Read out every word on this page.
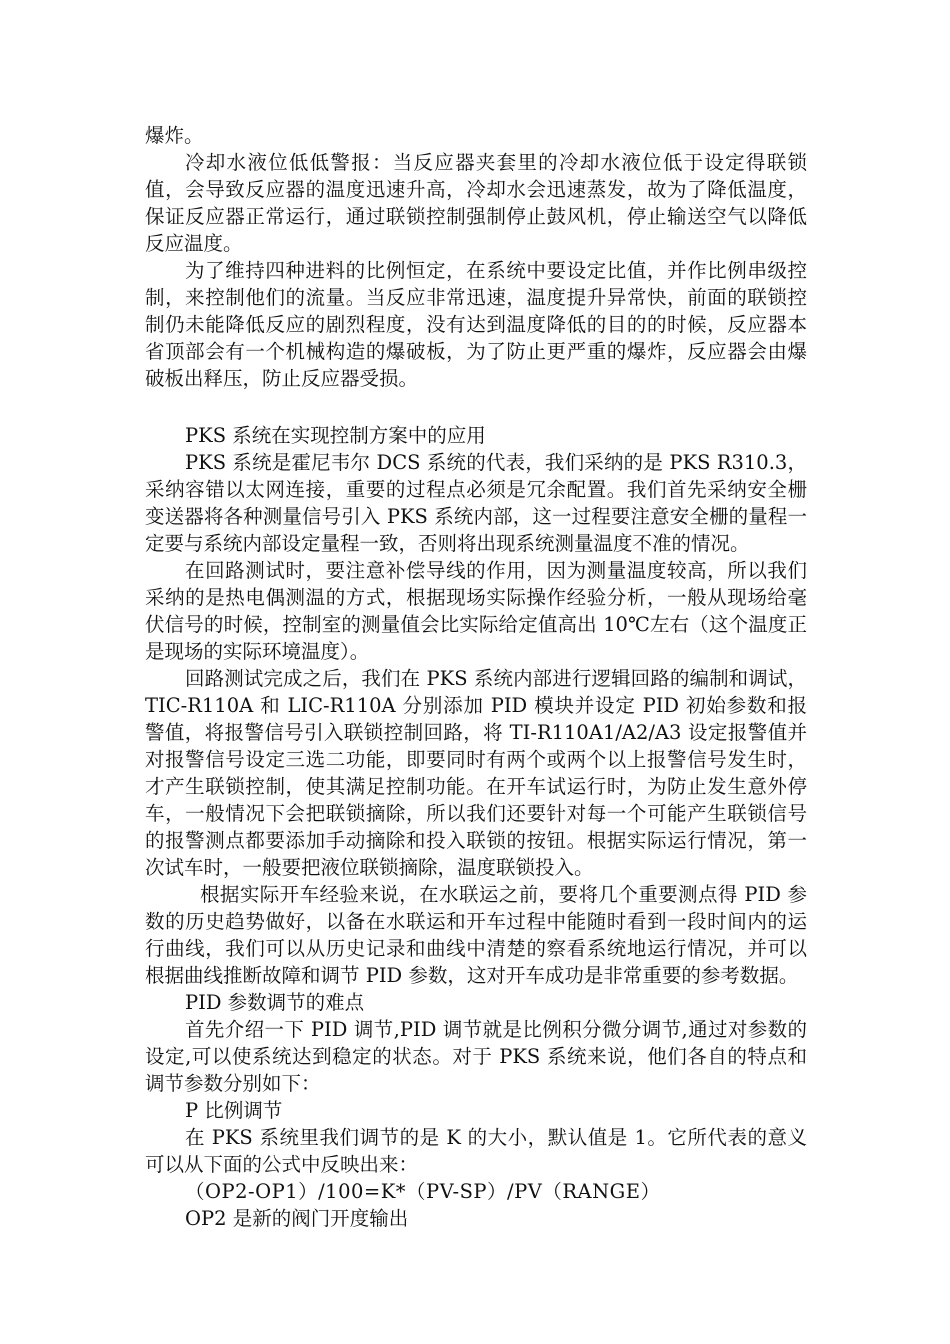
爆炸。

冷却水液位低低警报：当反应器夹套里的冷却水液位低于设定得联锁值，会导致反应器的温度迅速升高，冷却水会迅速蒸发，故为了降低温度，保证反应器正常运行，通过联锁控制强制停止鼓风机，停止输送空气以降低反应温度。

为了维持四种进料的比例恒定，在系统中要设定比值，并作比例串级控制，来控制他们的流量。当反应非常迅速，温度提升异常快，前面的联锁控制仍未能降低反应的剧烈程度，没有达到温度降低的目的的时候，反应器本省顶部会有一个机械构造的爆破板，为了防止更严重的爆炸，反应器会由爆破板出释压，防止反应器受损。

PKS 系统在实现控制方案中的应用

PKS 系统是霍尼韦尔 DCS 系统的代表，我们采纳的是 PKS R310.3，采纳容错以太网连接，重要的过程点必须是冗余配置。我们首先采纳安全栅变送器将各种测量信号引入 PKS 系统内部，这一过程要注意安全栅的量程一定要与系统内部设定量程一致，否则将出现系统测量温度不准的情况。

在回路测试时，要注意补偿导线的作用，因为测量温度较高，所以我们采纳的是热电偶测温的方式，根据现场实际操作经验分析，一般从现场给毫伏信号的时候，控制室的测量值会比实际给定值高出 10℃左右（这个温度正是现场的实际环境温度）。

回路测试完成之后，我们在 PKS 系统内部进行逻辑回路的编制和调试，TIC-R110A 和 LIC-R110A 分别添加 PID 模块并设定 PID 初始参数和报警值，将报警信号引入联锁控制回路，将 TI-R110A1/A2/A3 设定报警值并对报警信号设定三选二功能，即要同时有两个或两个以上报警信号发生时，才产生联锁控制，使其满足控制功能。在开车试运行时，为防止发生意外停车，一般情况下会把联锁摘除，所以我们还要针对每一个可能产生联锁信号的报警测点都要添加手动摘除和投入联锁的按钮。根据实际运行情况，第一次试车时，一般要把液位联锁摘除，温度联锁投入。

根据实际开车经验来说，在水联运之前，要将几个重要测点得 PID 参数的历史趋势做好，以备在水联运和开车过程中能随时看到一段时间内的运行曲线，我们可以从历史记录和曲线中清楚的察看系统地运行情况，并可以根据曲线推断故障和调节 PID 参数，这对开车成功是非常重要的参考数据。

PID 参数调节的难点

首先介绍一下 PID 调节,PID 调节就是比例积分微分调节,通过对参数的设定,可以使系统达到稳定的状态。对于 PKS 系统来说，他们各自的特点和调节参数分别如下：

P 比例调节

在 PKS 系统里我们调节的是 K 的大小，默认值是 1。它所代表的意义可以从下面的公式中反映出来：

（OP2-OP1）/100=K*（PV-SP）/PV（RANGE）

OP2 是新的阀门开度输出
